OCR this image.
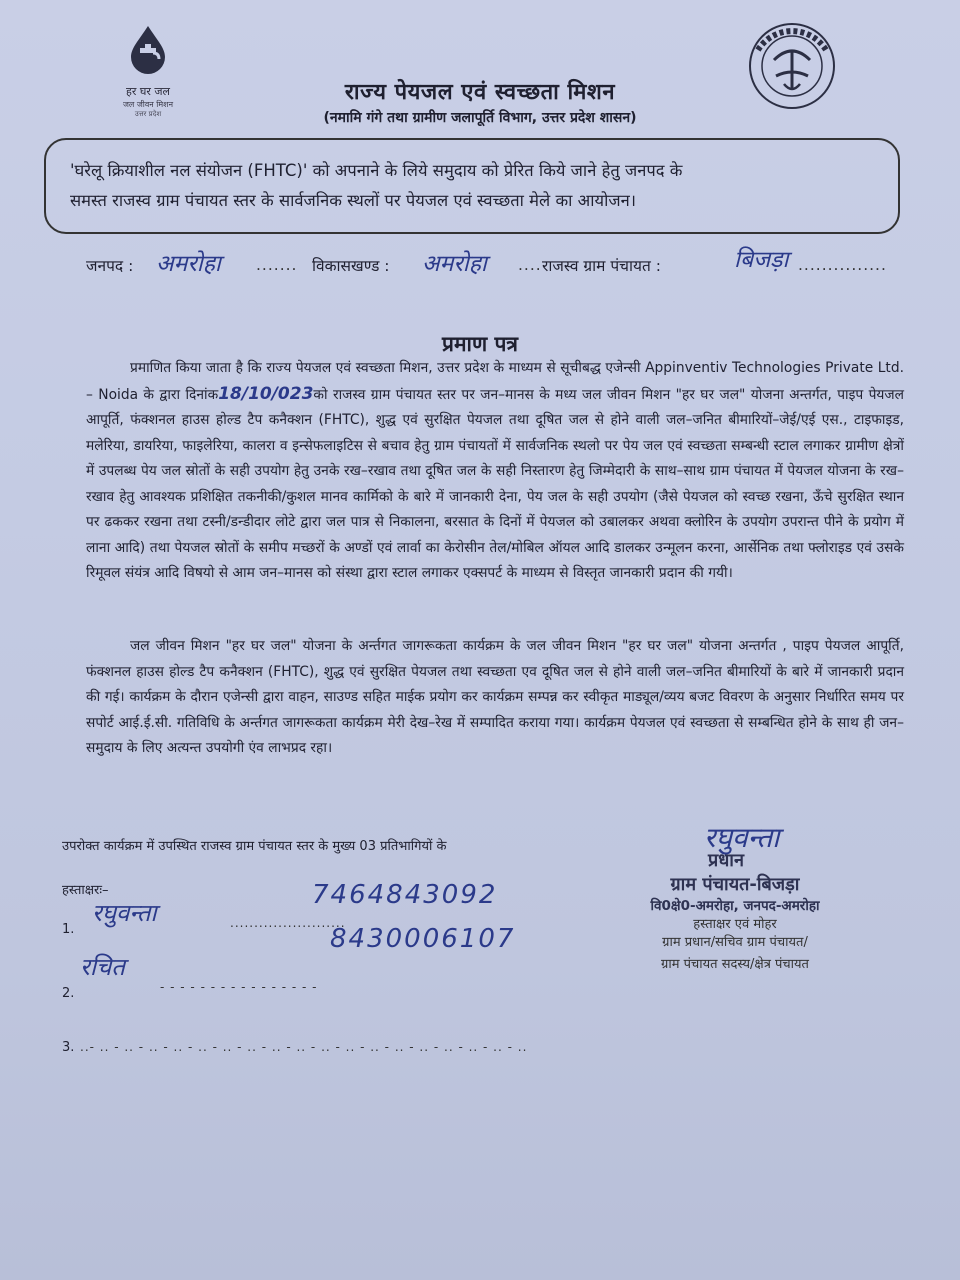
हर घर जल
जल जीवन मिशन
उत्तर प्रदेश
राज्य पेयजल एवं स्वच्छता मिशन
(नमामि गंगे तथा ग्रामीण जलापूर्ति विभाग, उत्तर प्रदेश शासन)
'घरेलू क्रियाशील नल संयोजन (FHTC)' को अपनाने के लिये समुदाय को प्रेरित किये जाने हेतु जनपद के
समस्त राजस्व ग्राम पंचायत स्तर के सार्वजनिक स्थलों पर पेयजल एवं स्वच्छता मेले का आयोजन।
जनपद : अमरोहा ....... विकासखण्ड : अमरोहा .... राजस्व ग्राम पंचायत :	बिजड़ा ...............
प्रमाण पत्र

प्रमाणित किया जाता है कि राज्य पेयजल एवं स्वच्छता मिशन, उत्तर प्रदेश के माध्यम से सूचीबद्ध एजेन्सी Appinventiv Technologies Private Ltd. – Noida के द्वारा दिनांक18/10/023को राजस्व ग्राम पंचायत स्तर पर जन–मानस के मध्य जल जीवन मिशन "हर घर जल" योजना अन्तर्गत, पाइप पेयजल आपूर्ति, फंक्शनल हाउस होल्ड टैप कनैक्शन (FHTC), शुद्ध एवं सुरक्षित पेयजल तथा दूषित जल से होने वाली जल–जनित बीमारियों–जेई/एई एस., टाइफाइड, मलेरिया, डायरिया, फाइलेरिया, कालरा व इन्सेफलाइटिस से बचाव हेतु ग्राम पंचायतों में सार्वजनिक स्थलो पर पेय जल एवं स्वच्छता सम्बन्धी स्टाल लगाकर ग्रामीण क्षेत्रों में उपलब्ध पेय जल स्रोतों के सही उपयोग हेतु उनके रख–रखाव तथा दूषित जल के सही निस्तारण हेतु जिम्मेदारी के साथ–साथ ग्राम पंचायत में पेयजल योजना के रख–रखाव हेतु आवश्यक प्रशिक्षित तकनीकी/कुशल मानव कार्मिको के बारे में जानकारी देना, पेय जल के सही उपयोग (जैसे पेयजल को स्वच्छ रखना, ऊँचे सुरक्षित स्थान पर ढककर रखना तथा टस्नी/डन्डीदार लोटे द्वारा जल पात्र से निकालना, बरसात के दिनों में पेयजल को उबालकर अथवा क्लोरिन के उपयोग उपरान्त पीने के प्रयोग में लाना आदि) तथा पेयजल स्रोतों के समीप मच्छरों के अण्डों एवं लार्वा का केरोसीन तेल/मोबिल ऑयल आदि डालकर उन्मूलन करना, आर्सेनिक तथा फ्लोराइड एवं उसके रिमूवल संयंत्र आदि विषयो से आम जन–मानस को संस्था द्वारा स्टाल लगाकर एक्सपर्ट के माध्यम से विस्तृत जानकारी प्रदान की गयी।

जल जीवन मिशन "हर घर जल" योजना के अर्न्तगत जागरूकता कार्यक्रम के जल जीवन मिशन "हर घर जल" योजना अन्तर्गत , पाइप पेयजल आपूर्ति, फंक्शनल हाउस होल्ड टैप कनैक्शन (FHTC), शुद्ध एवं सुरक्षित पेयजल तथा स्वच्छता एव दूषित जल से होने वाली जल–जनित बीमारियों के बारे में जानकारी प्रदान की गई। कार्यक्रम के दौरान एजेन्सी द्वारा वाहन, साउण्ड सहित माईक प्रयोग कर कार्यक्रम सम्पन्न कर स्वीकृत माड्यूल/व्यय बजट विवरण के अनुसार निर्धारित समय पर सपोर्ट आई.ई.सी. गतिविधि के अर्न्तगत जागरूकता कार्यक्रम मेरी देख–रेख में सम्पादित कराया गया। कार्यक्रम पेयजल एवं स्वच्छता से सम्बन्धित होने के साथ ही जन–समुदाय के लिए अत्यन्त उपयोगी एंव लाभप्रद रहा।

उपरोक्त कार्यक्रम में उपस्थित राजस्व ग्राम पंचायत स्तर के मुख्य 03 प्रतिभागियों के
हस्ताक्षरः–
1.
रघुवन्ता	........................
7464843092
2.
रचित
- - - - - - - - - - - - - - - -
8430006107
3. ..- .. - .. - .. - .. - .. - .. - .. - .. - .. - .. - .. - .. - .. - .. - .. - .. - .. - ..
रघुवन्ता
प्रधान
ग्राम पंचायत-बिजड़ा
वि0क्षे0-अमरोहा, जनपद-अमरोहा
हस्ताक्षर एवं मोहर
ग्राम प्रधान/सचिव ग्राम पंचायत/
ग्राम पंचायत सदस्य/क्षेत्र पंचायत
